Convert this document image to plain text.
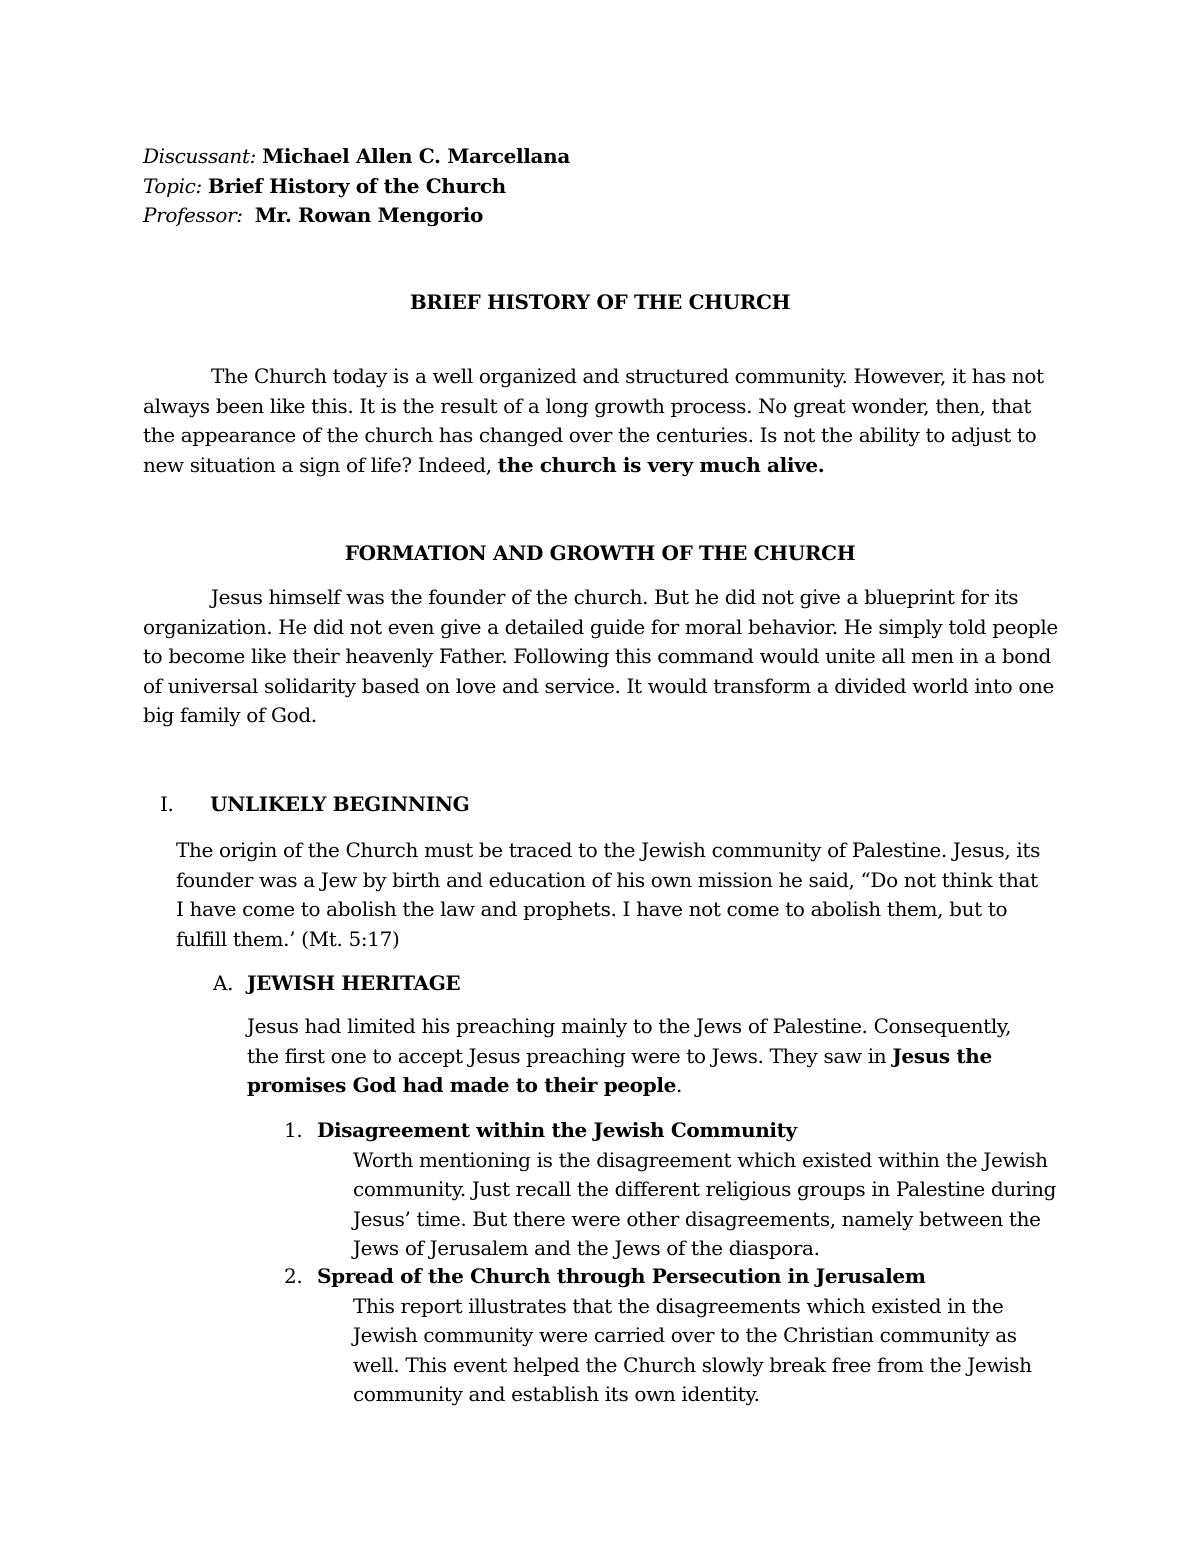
Discussant: Michael Allen C. Marcellana
Topic: Brief History of the Church
Professor: Mr. Rowan Mengorio
BRIEF HISTORY OF THE CHURCH

The Church today is a well organized and structured community. However, it has not always been like this. It is the result of a long growth process. No great wonder, then, that the appearance of the church has changed over the centuries. Is not the ability to adjust to new situation a sign of life? Indeed, the church is very much alive.

FORMATION AND GROWTH OF THE CHURCH

Jesus himself was the founder of the church. But he did not give a blueprint for its organization. He did not even give a detailed guide for moral behavior. He simply told people to become like their heavenly Father. Following this command would unite all men in a bond of universal solidarity based on love and service. It would transform a divided world into one big family of God.

I. UNLIKELY BEGINNING

The origin of the Church must be traced to the Jewish community of Palestine. Jesus, its founder was a Jew by birth and education of his own mission he said, “Do not think that I have come to abolish the law and prophets. I have not come to abolish them, but to fulfill them.’ (Mt. 5:17)

A. JEWISH HERITAGE

Jesus had limited his preaching mainly to the Jews of Palestine. Consequently, the first one to accept Jesus preaching were to Jews. They saw in Jesus the promises God had made to their people.

1. Disagreement within the Jewish Community

Worth mentioning is the disagreement which existed within the Jewish community. Just recall the different religious groups in Palestine during Jesus’ time. But there were other disagreements, namely between the Jews of Jerusalem and the Jews of the diaspora.

2. Spread of the Church through Persecution in Jerusalem

This report illustrates that the disagreements which existed in the Jewish community were carried over to the Christian community as well. This event helped the Church slowly break free from the Jewish community and establish its own identity.
